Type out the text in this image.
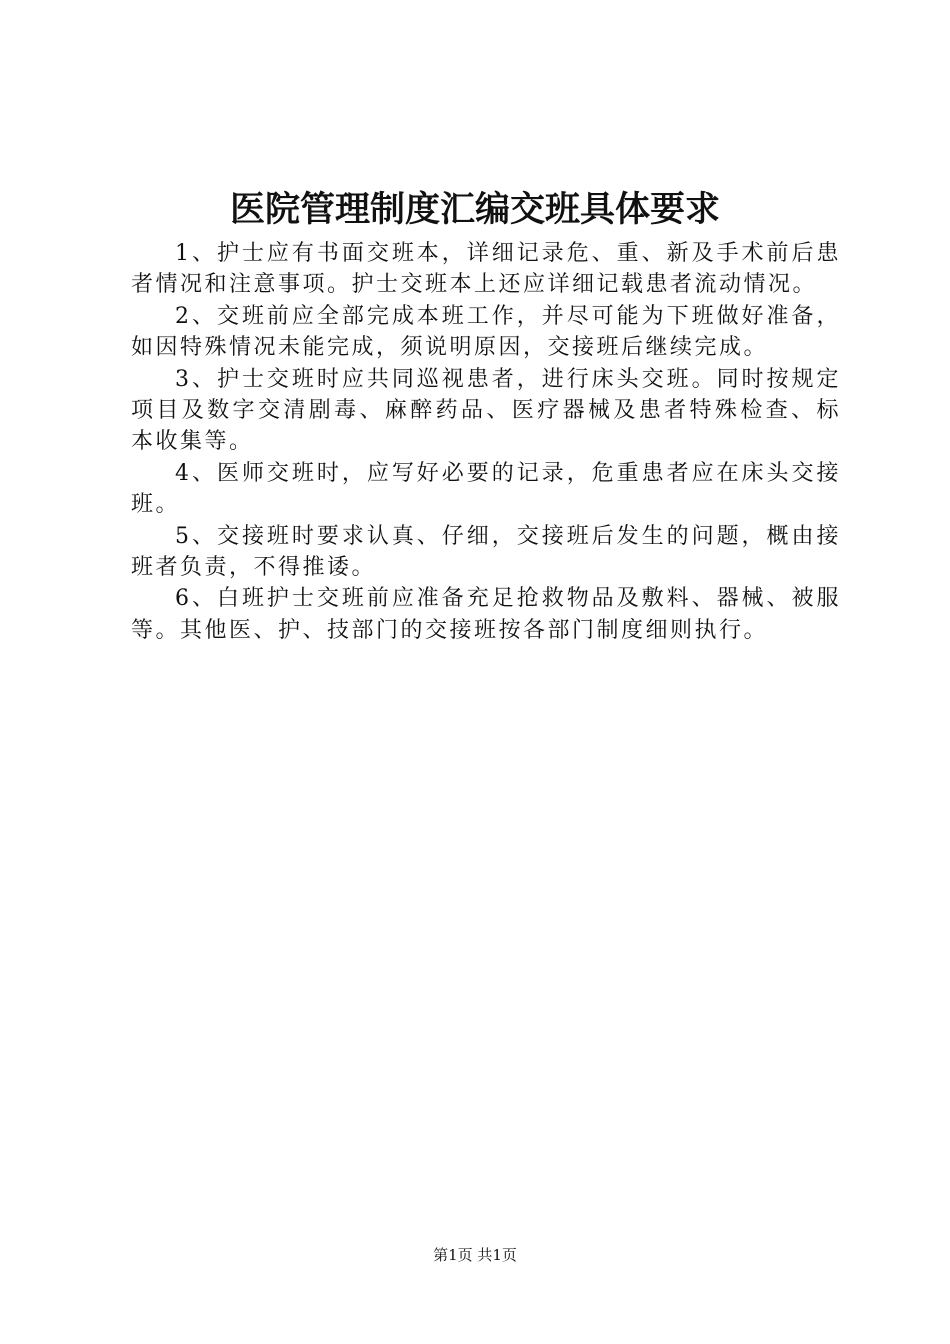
医院管理制度汇编交班具体要求

1、护士应有书面交班本，详细记录危、重、新及手术前后患者情况和注意事项。护士交班本上还应详细记载患者流动情况。

2、交班前应全部完成本班工作，并尽可能为下班做好准备，如因特殊情况未能完成，须说明原因，交接班后继续完成。

3、护士交班时应共同巡视患者，进行床头交班。同时按规定项目及数字交清剧毒、麻醉药品、医疗器械及患者特殊检查、标本收集等。

4、医师交班时，应写好必要的记录，危重患者应在床头交接班。

5、交接班时要求认真、仔细，交接班后发生的问题，概由接班者负责，不得推诿。

6、白班护士交班前应准备充足抢救物品及敷料、器械、被服等。其他医、护、技部门的交接班按各部门制度细则执行。

第1页 共1页
